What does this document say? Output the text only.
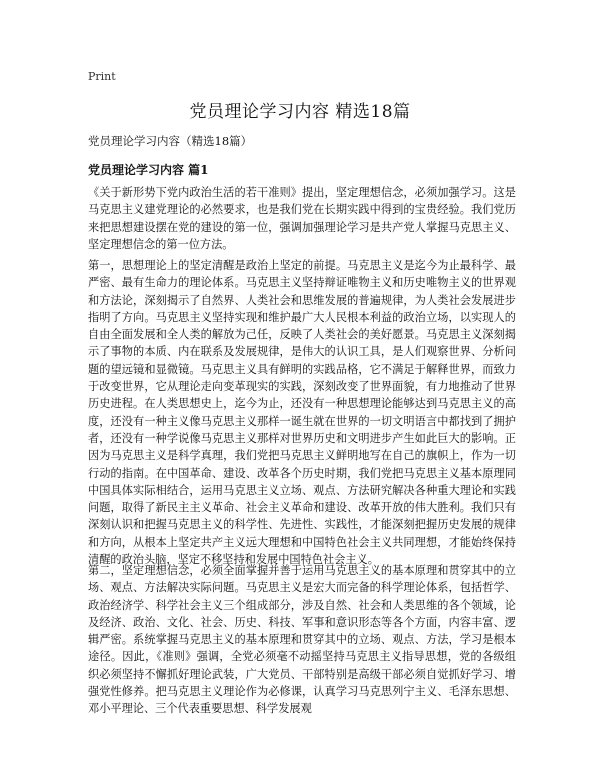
Print
党员理论学习内容 精选18篇
党员理论学习内容（精选18篇）
党员理论学习内容 篇1

《关于新形势下党内政治生活的若干准则》提出，坚定理想信念，必须加强学习。这是马克思主义建党理论的必然要求，也是我们党在长期实践中得到的宝贵经验。我们党历来把思想建设摆在党的建设的第一位，强调加强理论学习是共产党人掌握马克思主义、坚定理想信念的第一位方法。

第一，思想理论上的坚定清醒是政治上坚定的前提。马克思主义是迄今为止最科学、最严密、最有生命力的理论体系。马克思主义坚持辩证唯物主义和历史唯物主义的世界观和方法论，深刻揭示了自然界、人类社会和思维发展的普遍规律，为人类社会发展进步指明了方向。马克思主义坚持实现和维护最广大人民根本利益的政治立场，以实现人的自由全面发展和全人类的解放为己任，反映了人类社会的美好愿景。马克思主义深刻揭示了事物的本质、内在联系及发展规律，是伟大的认识工具，是人们观察世界、分析问题的望远镜和显微镜。马克思主义具有鲜明的实践品格，它不满足于解释世界，而致力于改变世界，它从理论走向变革现实的实践，深刻改变了世界面貌，有力地推动了世界历史进程。在人类思想史上，迄今为止，还没有一种思想理论能够达到马克思主义的高度，还没有一种主义像马克思主义那样一诞生就在世界的一切文明语言中都找到了拥护者，还没有一种学说像马克思主义那样对世界历史和文明进步产生如此巨大的影响。正因为马克思主义是科学真理，我们党把马克思主义鲜明地写在自己的旗帜上，作为一切行动的指南。在中国革命、建设、改革各个历史时期，我们党把马克思主义基本原理同中国具体实际相结合，运用马克思主义立场、观点、方法研究解决各种重大理论和实践问题，取得了新民主主义革命、社会主义革命和建设、改革开放的伟大胜利。我们只有深刻认识和把握马克思主义的科学性、先进性、实践性，才能深刻把握历史发展的规律和方向，从根本上坚定共产主义远大理想和中国特色社会主义共同理想，才能始终保持清醒的政治头脑，坚定不移坚持和发展中国特色社会主义。

第二，坚定理想信念，必须全面掌握并善于运用马克思主义的基本原理和贯穿其中的立场、观点、方法解决实际问题。马克思主义是宏大而完备的科学理论体系，包括哲学、政治经济学、科学社会主义三个组成部分，涉及自然、社会和人类思维的各个领域，论及经济、政治、文化、社会、历史、科技、军事和意识形态等各个方面，内容丰富、逻辑严密。系统掌握马克思主义的基本原理和贯穿其中的立场、观点、方法，学习是根本途径。因此，《准则》强调，全党必须毫不动摇坚持马克思主义指导思想，党的各级组织必须坚持不懈抓好理论武装，广大党员、干部特别是高级干部必须自觉抓好学习、增强党性修养。把马克思主义理论作为必修课，认真学习马克思列宁主义、毛泽东思想、邓小平理论、三个代表重要思想、科学发展观
